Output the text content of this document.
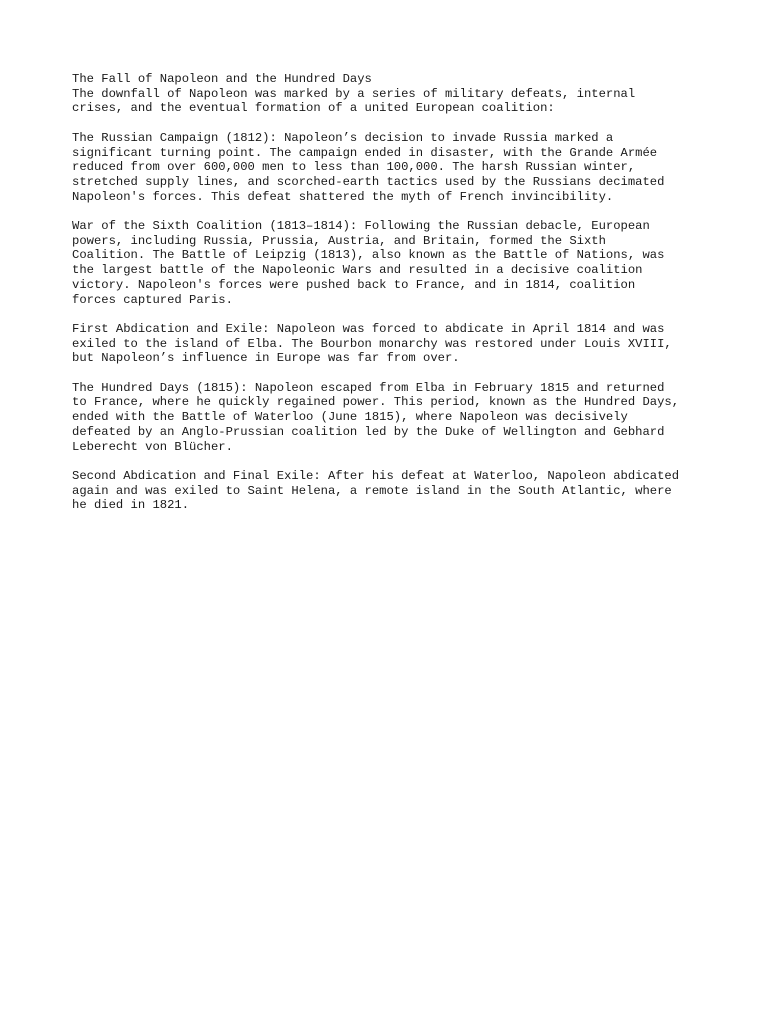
The Fall of Napoleon and the Hundred Days
The downfall of Napoleon was marked by a series of military defeats, internal
crises, and the eventual formation of a united European coalition:
The Russian Campaign (1812): Napoleon’s decision to invade Russia marked a
significant turning point. The campaign ended in disaster, with the Grande Armée
reduced from over 600,000 men to less than 100,000. The harsh Russian winter,
stretched supply lines, and scorched-earth tactics used by the Russians decimated
Napoleon's forces. This defeat shattered the myth of French invincibility.
War of the Sixth Coalition (1813–1814): Following the Russian debacle, European
powers, including Russia, Prussia, Austria, and Britain, formed the Sixth
Coalition. The Battle of Leipzig (1813), also known as the Battle of Nations, was
the largest battle of the Napoleonic Wars and resulted in a decisive coalition
victory. Napoleon's forces were pushed back to France, and in 1814, coalition
forces captured Paris.
First Abdication and Exile: Napoleon was forced to abdicate in April 1814 and was
exiled to the island of Elba. The Bourbon monarchy was restored under Louis XVIII,
but Napoleon’s influence in Europe was far from over.
The Hundred Days (1815): Napoleon escaped from Elba in February 1815 and returned
to France, where he quickly regained power. This period, known as the Hundred Days,
ended with the Battle of Waterloo (June 1815), where Napoleon was decisively
defeated by an Anglo-Prussian coalition led by the Duke of Wellington and Gebhard
Leberecht von Blücher.
Second Abdication and Final Exile: After his defeat at Waterloo, Napoleon abdicated
again and was exiled to Saint Helena, a remote island in the South Atlantic, where
he died in 1821.
